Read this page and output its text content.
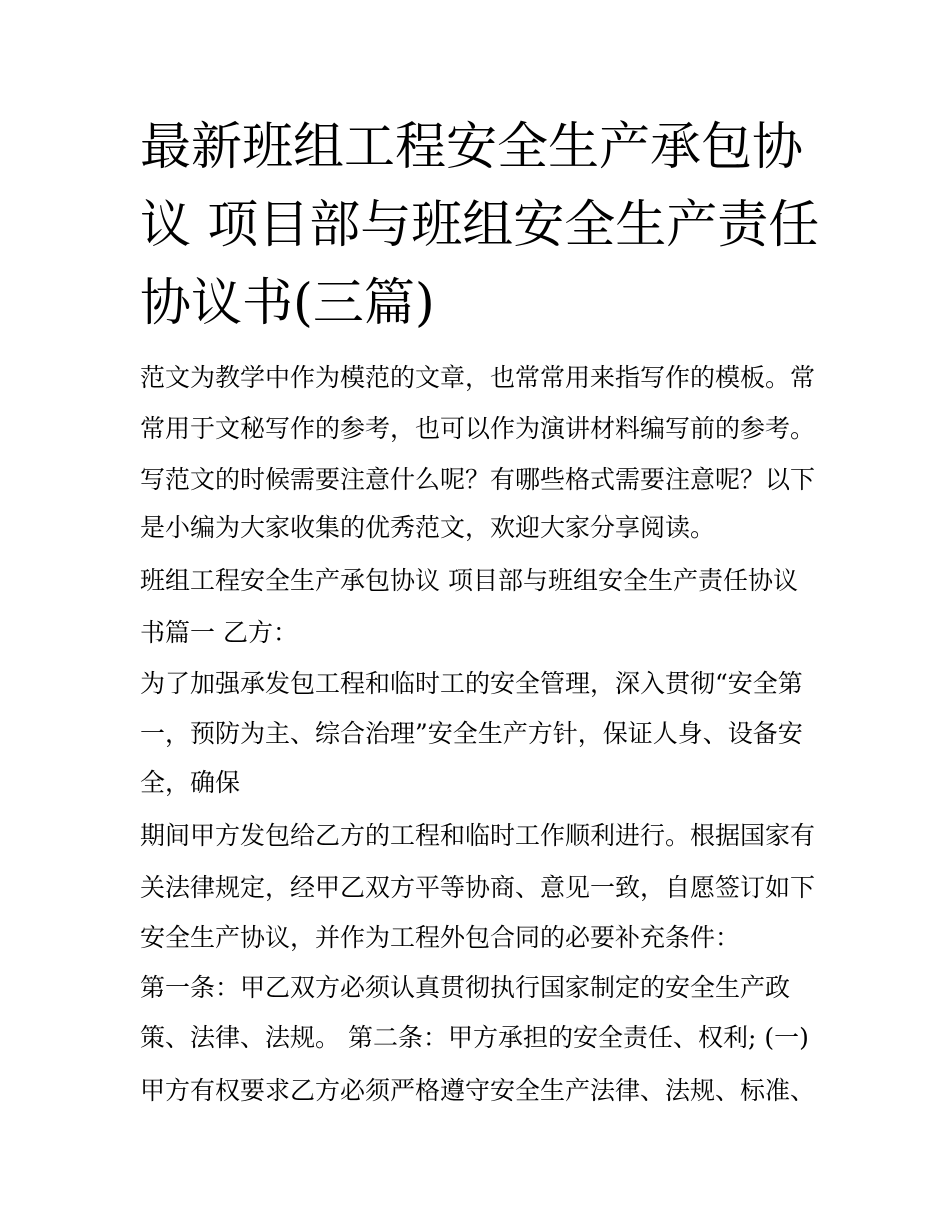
最新班组工程安全生产承包协
议 项目部与班组安全生产责任
协议书(三篇)
范文为教学中作为模范的文章，也常常用来指写作的模板。常
常用于文秘写作的参考，也可以作为演讲材料编写前的参考。
写范文的时候需要注意什么呢？有哪些格式需要注意呢？以下
是小编为大家收集的优秀范文，欢迎大家分享阅读。
班组工程安全生产承包协议 项目部与班组安全生产责任协议
书篇一 乙方：
为了加强承发包工程和临时工的安全管理，深入贯彻“安全第
一，预防为主、综合治理”安全生产方针，保证人身、设备安
全，确保
期间甲方发包给乙方的工程和临时工作顺利进行。根据国家有
关法律规定，经甲乙双方平等协商、意见一致，自愿签订如下
安全生产协议，并作为工程外包合同的必要补充条件：
第一条：甲乙双方必须认真贯彻执行国家制定的安全生产政
策、法律、法规。 第二条：甲方承担的安全责任、权利; (一)
甲方有权要求乙方必须严格遵守安全生产法律、法规、标准、
